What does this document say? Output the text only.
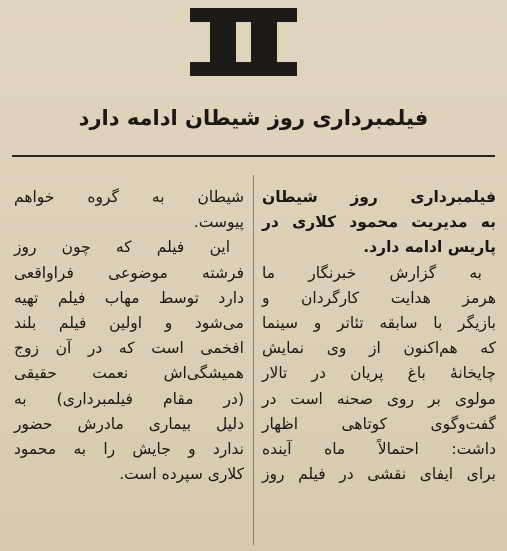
فیلمبرداری روز شیطان ادامه دارد
فیلمبرداری روز شیطان
به مدیریت محمود کلاری در
پاریس ادامه دارد.
به گزارش خبرنگار ما
هرمز هدایت کارگردان و
بازیگر با سابقه تئاتر و سینما
که هم‌اکنون از وی نمایش
چایخانهٔ باغ پریان در تالار
مولوی بر روی صحنه است در
گفت‌وگوی کوتاهی اظهار
داشت: احتمالاً ماه آینده
برای ایفای نقشی در فیلم روز
شیطان به گروه خواهم
پیوست.
این فیلم که چون روز
فرشته موضوعی فراواقعی
دارد توسط مهاب فیلم تهیه
می‌شود و اولین فیلم بلند
افخمی است که در آن زوج
همیشگی‌اش نعمت حقیقی
(در مقام فیلمبرداری) به
دلیل بیماری مادرش حضور
ندارد و جایش را به محمود
کلاری سپرده است.
